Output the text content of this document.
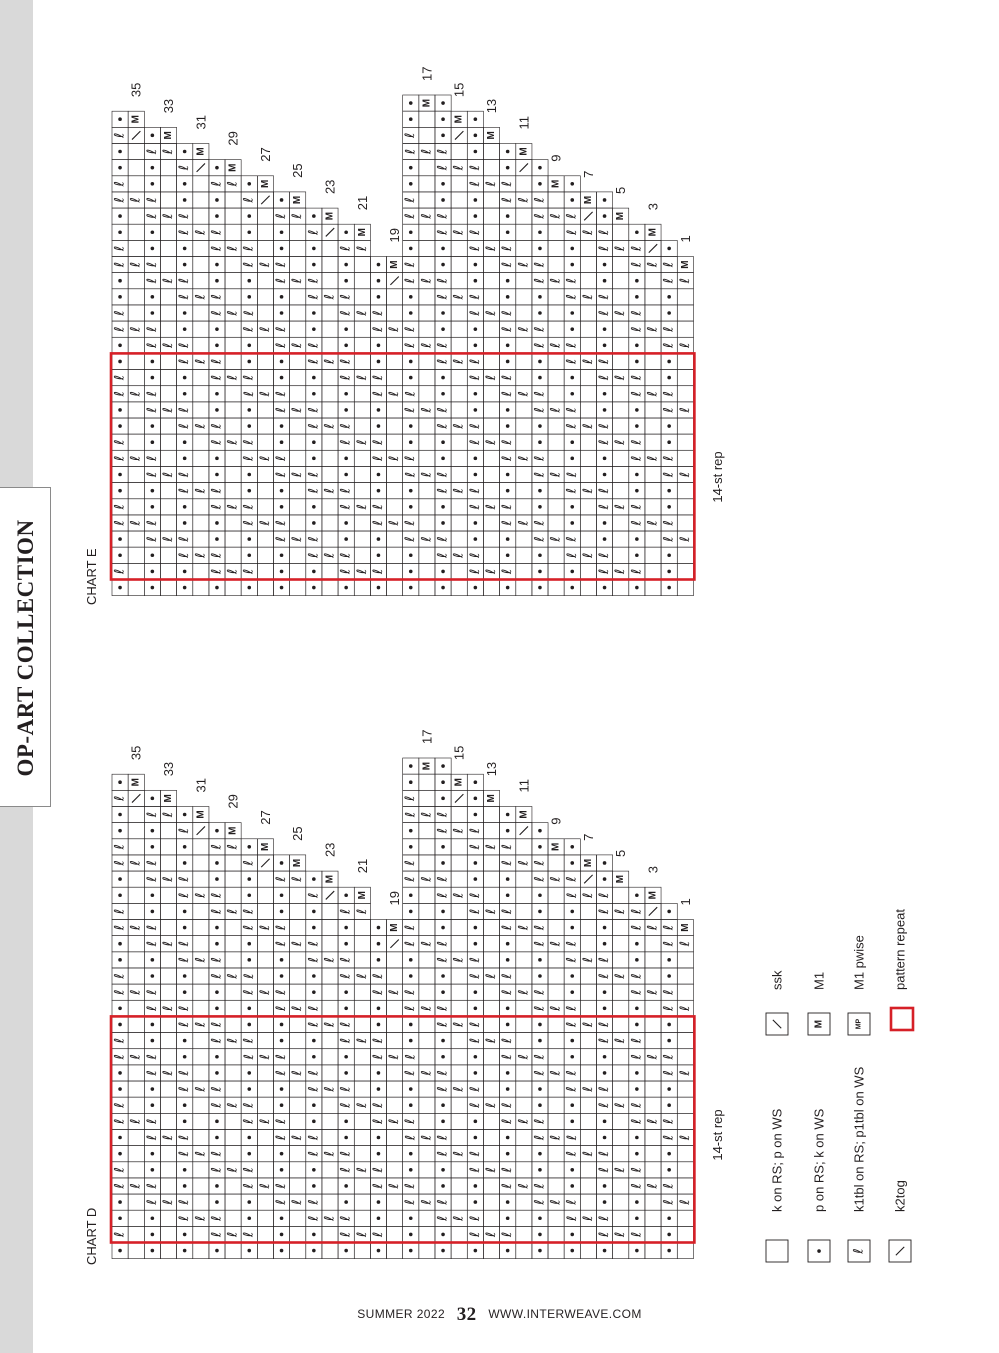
OP-ART COLLECTION	ℓ
ℓ
ℓ
ℓ
ℓ
ℓ
ℓ
ℓ
ℓ
ℓ
ℓ
ℓ
ℓ
ℓ
ℓ
ℓ
ℓ
ℓ
ℓ
ℓ
M
ℓ
ℓ
ℓ
ℓ
ℓ
ℓ
ℓ
ℓ
ℓ
ℓ
ℓ
ℓ
ℓ
ℓ
ℓ
ℓ
ℓ
ℓ
ℓ
ℓ
M
ℓ
ℓ
ℓ
ℓ
ℓ
ℓ
ℓ
ℓ
ℓ
ℓ
ℓ
ℓ
ℓ
ℓ
ℓ
ℓ
ℓ
ℓ
ℓ
M
ℓ
ℓ
ℓ
ℓ
ℓ
ℓ
ℓ
ℓ
ℓ
ℓ
ℓ
ℓ
ℓ
ℓ
ℓ
ℓ
ℓ
ℓ
ℓ
ℓ
M
ℓ
ℓ
ℓ
ℓ
ℓ
ℓ
ℓ
ℓ
ℓ
ℓ
ℓ
ℓ
ℓ
ℓ
ℓ
ℓ
ℓ
M
ℓ
ℓ
ℓ
ℓ
ℓ
ℓ
ℓ
ℓ
ℓ
ℓ
ℓ
ℓ
ℓ
ℓ
ℓ
ℓ
ℓ
M
ℓ
ℓ
ℓ
ℓ
ℓ
ℓ
ℓ
ℓ
ℓ
ℓ
ℓ
ℓ
ℓ
ℓ
ℓ
ℓ
M
ℓ
ℓ
ℓ
ℓ
ℓ
ℓ
ℓ
ℓ
ℓ
ℓ
ℓ
ℓ
ℓ
ℓ
ℓ
ℓ
ℓ
M
ℓ
ℓ
ℓ
ℓ
ℓ
ℓ
ℓ
ℓ
ℓ
ℓ
ℓ
ℓ
ℓ
M
ℓ
ℓ
ℓ
ℓ
ℓ
ℓ
ℓ
ℓ
ℓ
ℓ
ℓ
ℓ
ℓ
ℓ
ℓ
ℓ
ℓ
ℓ
ℓ
ℓ
ℓ
M
ℓ
ℓ
ℓ
ℓ
ℓ
ℓ
ℓ
ℓ
ℓ
ℓ
ℓ
ℓ
ℓ
ℓ
ℓ
ℓ
ℓ
ℓ
ℓ
ℓ
ℓ
M
ℓ
ℓ
ℓ
ℓ
ℓ
ℓ
ℓ
ℓ
ℓ
ℓ
ℓ
ℓ
ℓ
ℓ
ℓ
ℓ
ℓ
ℓ
ℓ
ℓ
ℓ
M
ℓ
ℓ
ℓ
ℓ
ℓ
ℓ
ℓ
ℓ
ℓ
ℓ
ℓ
ℓ
ℓ
ℓ
ℓ
ℓ
ℓ
ℓ
ℓ
M
ℓ
ℓ
ℓ
ℓ
ℓ
ℓ
ℓ
ℓ
ℓ
ℓ
ℓ
ℓ
ℓ
ℓ
ℓ
ℓ
ℓ
ℓ
M
ℓ
ℓ
ℓ
ℓ
ℓ
ℓ
ℓ
ℓ
ℓ
ℓ
ℓ
ℓ
ℓ
ℓ
ℓ
ℓ
ℓ
ℓ
M
ℓ
ℓ
ℓ
ℓ
ℓ
ℓ
ℓ
ℓ
ℓ
ℓ
ℓ
ℓ
ℓ
ℓ
ℓ
ℓ
ℓ
ℓ
M
ℓ
ℓ
ℓ
ℓ
ℓ
ℓ
ℓ
ℓ
ℓ
ℓ
ℓ
ℓ
ℓ
ℓ
ℓ
ℓ
M
ℓ
ℓ
ℓ
ℓ
ℓ
ℓ
ℓ
ℓ
ℓ
ℓ
ℓ
ℓ
ℓ
ℓ
ℓ
M
CHART E
14-st rep
35
33
31
29
27
25
23
21
19
17
15
13
11
9
7
5
3
1
ℓ
ℓ
ℓ
ℓ
ℓ
ℓ
ℓ
ℓ
ℓ
ℓ
ℓ
ℓ
ℓ
ℓ
ℓ
ℓ
ℓ
ℓ
ℓ
ℓ
M
ℓ
ℓ
ℓ
ℓ
ℓ
ℓ
ℓ
ℓ
ℓ
ℓ
ℓ
ℓ
ℓ
ℓ
ℓ
ℓ
ℓ
ℓ
ℓ
ℓ
M
ℓ
ℓ
ℓ
ℓ
ℓ
ℓ
ℓ
ℓ
ℓ
ℓ
ℓ
ℓ
ℓ
ℓ
ℓ
ℓ
ℓ
ℓ
ℓ
M
ℓ
ℓ
ℓ
ℓ
ℓ
ℓ
ℓ
ℓ
ℓ
ℓ
ℓ
ℓ
ℓ
ℓ
ℓ
ℓ
ℓ
ℓ
ℓ
ℓ
M
ℓ
ℓ
ℓ
ℓ
ℓ
ℓ
ℓ
ℓ
ℓ
ℓ
ℓ
ℓ
ℓ
ℓ
ℓ
ℓ
ℓ
M
ℓ
ℓ
ℓ
ℓ
ℓ
ℓ
ℓ
ℓ
ℓ
ℓ
ℓ
ℓ
ℓ
ℓ
ℓ
ℓ
ℓ
M
ℓ
ℓ
ℓ
ℓ
ℓ
ℓ
ℓ
ℓ
ℓ
ℓ
ℓ
ℓ
ℓ
ℓ
ℓ
ℓ
M
ℓ
ℓ
ℓ
ℓ
ℓ
ℓ
ℓ
ℓ
ℓ
ℓ
ℓ
ℓ
ℓ
ℓ
ℓ
ℓ
ℓ
M
ℓ
ℓ
ℓ
ℓ
ℓ
ℓ
ℓ
ℓ
ℓ
ℓ
ℓ
ℓ
ℓ
M
ℓ
ℓ
ℓ
ℓ
ℓ
ℓ
ℓ
ℓ
ℓ
ℓ
ℓ
ℓ
ℓ
ℓ
ℓ
ℓ
ℓ
ℓ
ℓ
ℓ
ℓ
M
ℓ
ℓ
ℓ
ℓ
ℓ
ℓ
ℓ
ℓ
ℓ
ℓ
ℓ
ℓ
ℓ
ℓ
ℓ
ℓ
ℓ
ℓ
ℓ
ℓ
ℓ
M
ℓ
ℓ
ℓ
ℓ
ℓ
ℓ
ℓ
ℓ
ℓ
ℓ
ℓ
ℓ
ℓ
ℓ
ℓ
ℓ
ℓ
ℓ
ℓ
ℓ
ℓ
M
ℓ
ℓ
ℓ
ℓ
ℓ
ℓ
ℓ
ℓ
ℓ
ℓ
ℓ
ℓ
ℓ
ℓ
ℓ
ℓ
ℓ
ℓ
ℓ
M
ℓ
ℓ
ℓ
ℓ
ℓ
ℓ
ℓ
ℓ
ℓ
ℓ
ℓ
ℓ
ℓ
ℓ
ℓ
ℓ
ℓ
ℓ
M
ℓ
ℓ
ℓ
ℓ
ℓ
ℓ
ℓ
ℓ
ℓ
ℓ
ℓ
ℓ
ℓ
ℓ
ℓ
ℓ
ℓ
ℓ
M
ℓ
ℓ
ℓ
ℓ
ℓ
ℓ
ℓ
ℓ
ℓ
ℓ
ℓ
ℓ
ℓ
ℓ
ℓ
ℓ
ℓ
ℓ
M
ℓ
ℓ
ℓ
ℓ
ℓ
ℓ
ℓ
ℓ
ℓ
ℓ
ℓ
ℓ
ℓ
ℓ
ℓ
ℓ
M
ℓ
ℓ
ℓ
ℓ
ℓ
ℓ
ℓ
ℓ
ℓ
ℓ
ℓ
ℓ
ℓ
ℓ
ℓ
M
CHART D
14-st rep
35
33
31
29
27
25
23
21
19
17
15
13
11
9
7
5
3
1
k on RS; p on WS p on RS; k on WS
ℓ
k1tbl on RS; p1tbl on WS k2tog
ssk
M
M1
MP
M1 pwise pattern repeat
SUMMER 2022 32 WWW.INTERWEAVE.COM
